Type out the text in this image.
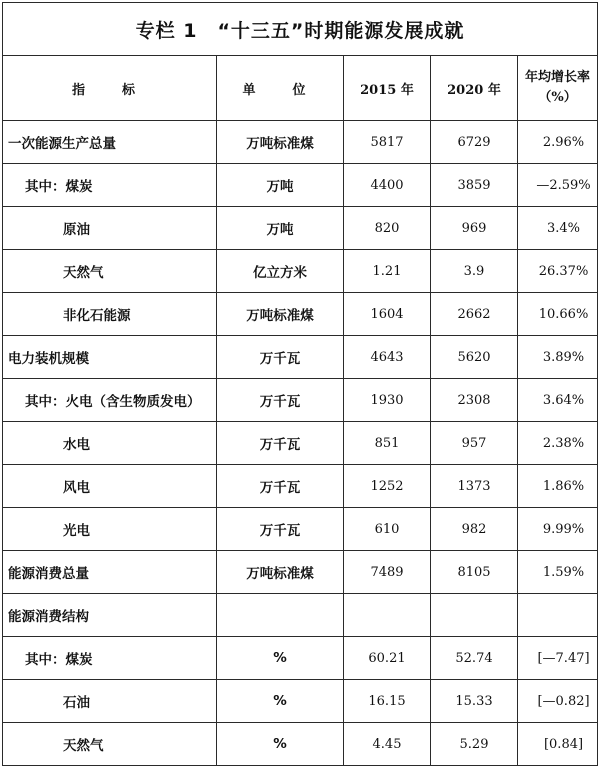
专栏 1　“十三五”时期能源发展成就				
指　标	单　位	2015 年	2020 年	年均增长率
（%）

一次能源生产总量	万吨标准煤	5817	6729	2.96%
其中：煤炭	万吨	4400	3859	—2.59%
原油	万吨	820	969	3.4%
天然气	亿立方米	1.21	3.9	26.37%
非化石能源	万吨标准煤	1604	2662	10.66%
电力装机规模	万千瓦	4643	5620	3.89%
其中：火电（含生物质发电）	万千瓦	1930	2308	3.64%
水电	万千瓦	851	957	2.38%
风电	万千瓦	1252	1373	1.86%
光电	万千瓦	610	982	9.99%
能源消费总量	万吨标准煤	7489	8105	1.59%
能源消费结构				
其中：煤炭	%	60.21	52.74	[—7.47]
石油	%	16.15	15.33	[—0.82]
天然气	%	4.45	5.29	[0.84]
